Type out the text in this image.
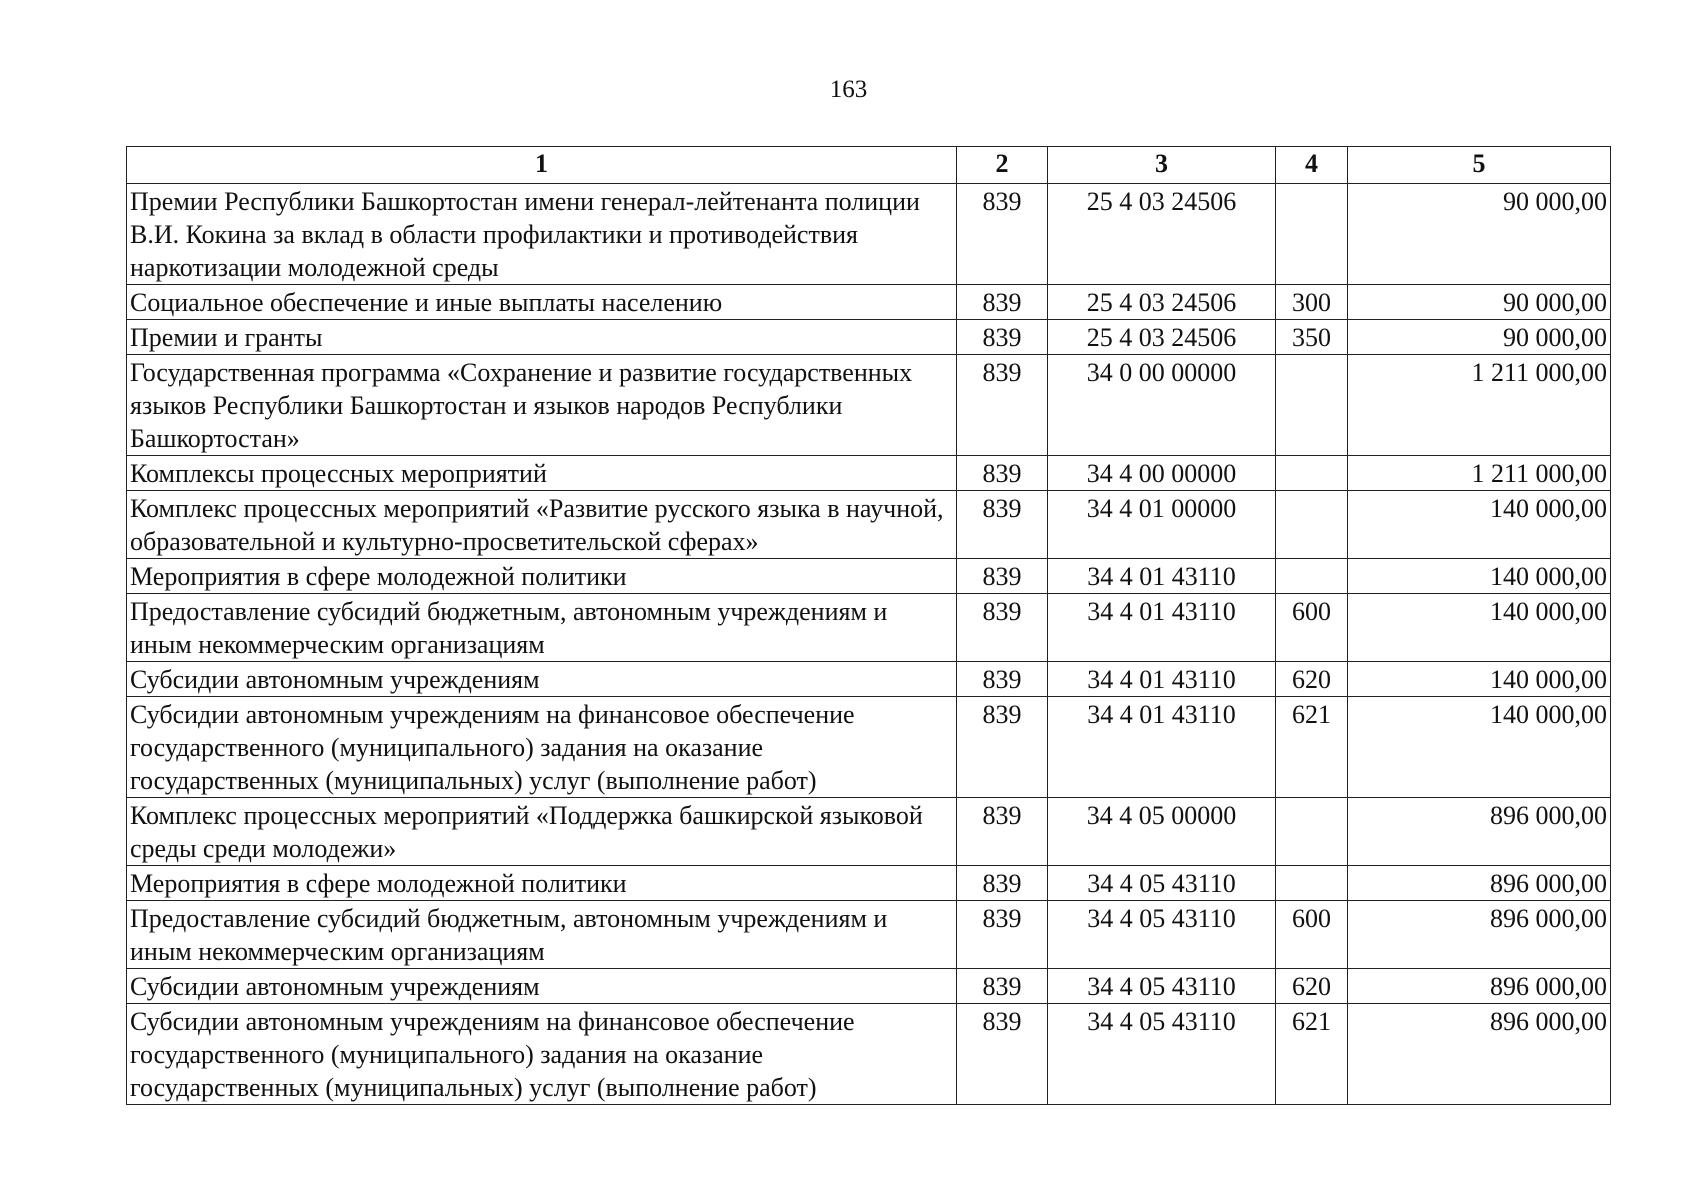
163
1	2	3	4	5
Премии Республики Башкортостан имени генерал-лейтенанта полиции В.И. Кокина за вклад в области профилактики и противодействия наркотизации молодежной среды	839	25 4 03 24506		90 000,00
Социальное обеспечение и иные выплаты населению	839	25 4 03 24506	300	90 000,00
Премии и гранты	839	25 4 03 24506	350	90 000,00
Государственная программа «Сохранение и развитие государственных языков Республики Башкортостан и языков народов Республики Башкортостан»	839	34 0 00 00000		1 211 000,00
Комплексы процессных мероприятий	839	34 4 00 00000		1 211 000,00
Комплекс процессных мероприятий «Развитие русского языка в научной, образовательной и культурно-просветительской сферах»	839	34 4 01 00000		140 000,00
Мероприятия в сфере молодежной политики	839	34 4 01 43110		140 000,00
Предоставление субсидий бюджетным, автономным учреждениям и иным некоммерческим организациям	839	34 4 01 43110	600	140 000,00
Субсидии автономным учреждениям	839	34 4 01 43110	620	140 000,00
Субсидии автономным учреждениям на финансовое обеспечение государственного (муниципального) задания на оказание государственных (муниципальных) услуг (выполнение работ)	839	34 4 01 43110	621	140 000,00
Комплекс процессных мероприятий «Поддержка башкирской языковой среды среди молодежи»	839	34 4 05 00000		896 000,00
Мероприятия в сфере молодежной политики	839	34 4 05 43110		896 000,00
Предоставление субсидий бюджетным, автономным учреждениям и иным некоммерческим организациям	839	34 4 05 43110	600	896 000,00
Субсидии автономным учреждениям	839	34 4 05 43110	620	896 000,00
Субсидии автономным учреждениям на финансовое обеспечение государственного (муниципального) задания на оказание государственных (муниципальных) услуг (выполнение работ)	839	34 4 05 43110	621	896 000,00
